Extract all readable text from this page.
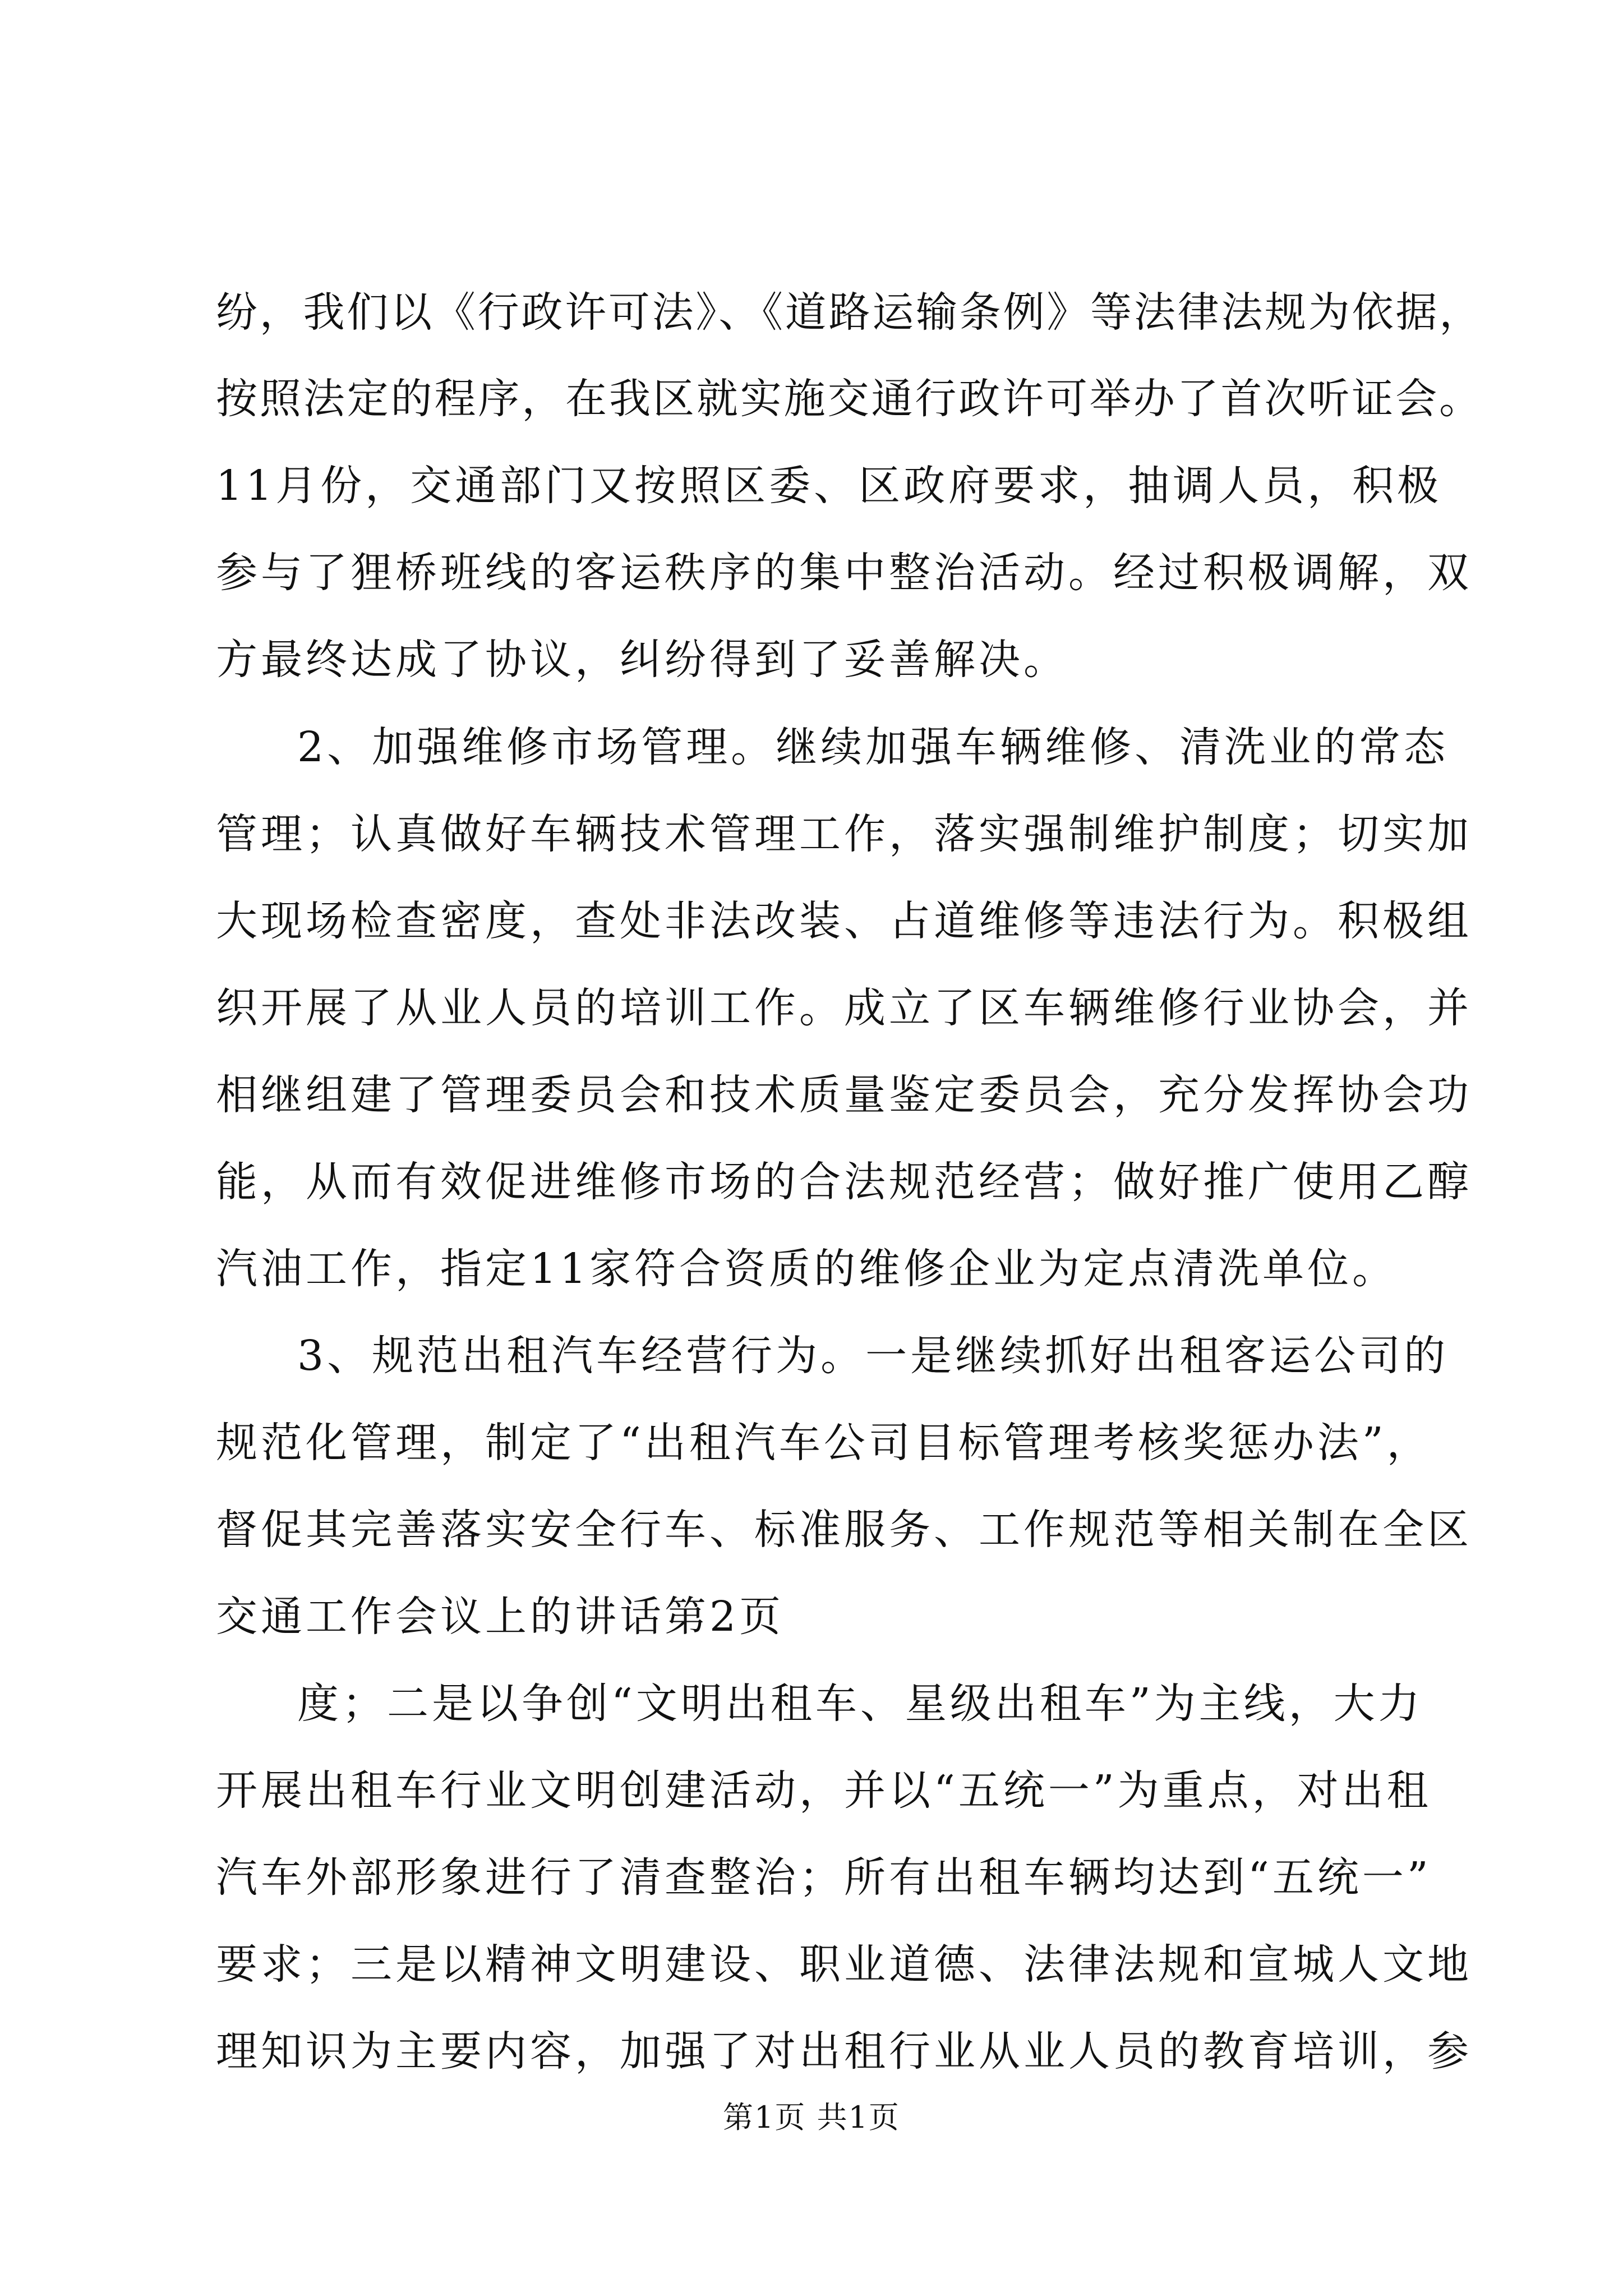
纷，我们以《行政许可法》、《道路运输条例》等法律法规为依据，
按照法定的程序，在我区就实施交通行政许可举办了首次听证会。
11月份，交通部门又按照区委、区政府要求，抽调人员，积极
参与了狸桥班线的客运秩序的集中整治活动。经过积极调解，双
方最终达成了协议，纠纷得到了妥善解决。
2、加强维修市场管理。继续加强车辆维修、清洗业的常态
管理；认真做好车辆技术管理工作，落实强制维护制度；切实加
大现场检查密度，查处非法改装、占道维修等违法行为。积极组
织开展了从业人员的培训工作。成立了区车辆维修行业协会，并
相继组建了管理委员会和技术质量鉴定委员会，充分发挥协会功
能，从而有效促进维修市场的合法规范经营；做好推广使用乙醇
汽油工作，指定11家符合资质的维修企业为定点清洗单位。
3、规范出租汽车经营行为。一是继续抓好出租客运公司的
规范化管理，制定了“出租汽车公司目标管理考核奖惩办法”，
督促其完善落实安全行车、标准服务、工作规范等相关制在全区
交通工作会议上的讲话第2页
度；二是以争创“文明出租车、星级出租车”为主线，大力
开展出租车行业文明创建活动，并以“五统一”为重点，对出租
汽车外部形象进行了清查整治；所有出租车辆均达到“五统一”
要求；三是以精神文明建设、职业道德、法律法规和宣城人文地
理知识为主要内容，加强了对出租行业从业人员的教育培训，参
第1页 共1页
